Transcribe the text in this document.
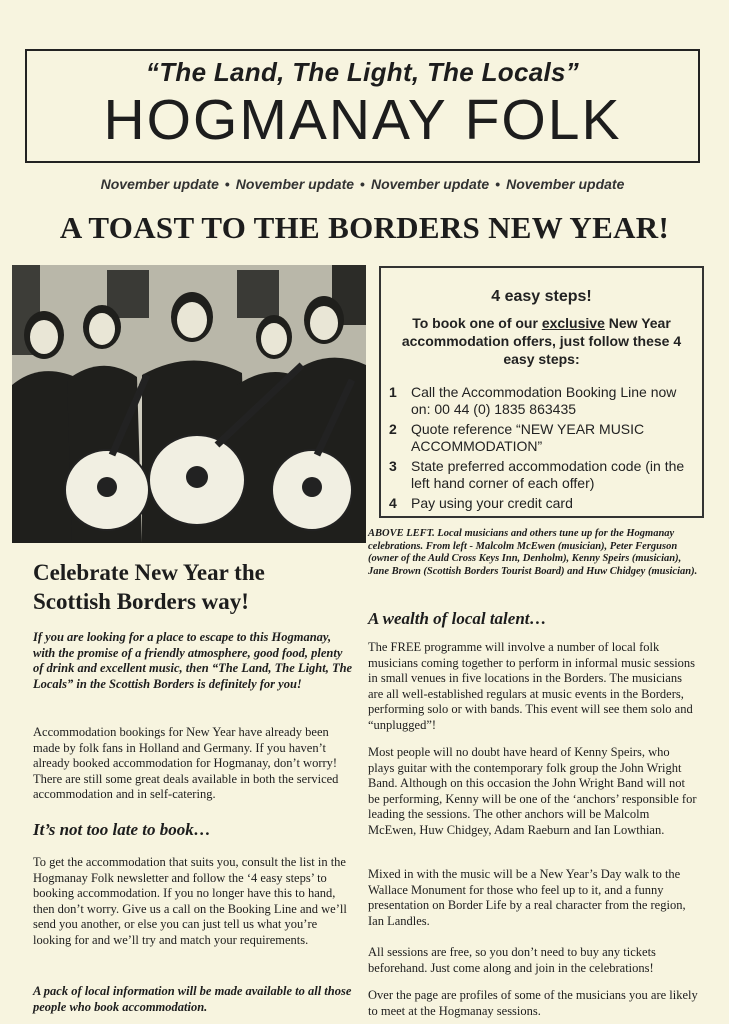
“The Land, The Light, The Locals”
HOGMANAY FOLK
November update • November update • November update • November update
A TOAST TO THE BORDERS NEW YEAR!
4 easy steps!
To book one of our exclusive New Year accommodation offers, just follow these 4 easy steps:
1	Call the Accommodation Booking Line now on: 00 44 (0) 1835 863435
2	Quote reference “NEW YEAR MUSIC ACCOMMODATION”
3	State preferred accommodation code (in the left hand corner of each offer)
4	Pay using your credit card
ABOVE LEFT. Local musicians and others tune up for the Hogmanay celebrations. From left - Malcolm McEwen (musician), Peter Ferguson (owner of the Auld Cross Keys Inn, Denholm), Kenny Speirs (musician), Jane Brown (Scottish Borders Tourist Board) and Huw Chidgey (musician).
Celebrate New Year the Scottish Borders way!
If you are looking for a place to escape to this Hogmanay, with the promise of a friendly atmosphere, good food, plenty of drink and excellent music, then “The Land, The Light, The Locals” in the Scottish Borders is definitely for you!
Accommodation bookings for New Year have already been made by folk fans in Holland and Germany. If you haven’t already booked accommodation for Hogmanay, don’t worry! There are still some great deals available in both the serviced accommodation and in self-catering.
It’s not too late to book…
To get the accommodation that suits you, consult the list in the Hogmanay Folk newsletter and follow the ‘4 easy steps’ to booking accommodation. If you no longer have this to hand, then don’t worry. Give us a call on the Booking Line and we’ll send you another, or else you can just tell us what you’re looking for and we’ll try and match your requirements.
A pack of local information will be made available to all those people who book accommodation.
A wealth of local talent…
The FREE programme will involve a number of local folk musicians coming together to perform in informal music sessions in small venues in five locations in the Borders. The musicians are all well-established regulars at music events in the Borders, performing solo or with bands. This event will see them solo and “unplugged”!
Most people will no doubt have heard of Kenny Speirs, who plays guitar with the contemporary folk group the John Wright Band. Although on this occasion the John Wright Band will not be performing, Kenny will be one of the ‘anchors’ responsible for leading the sessions. The other anchors will be Malcolm McEwen, Huw Chidgey, Adam Raeburn and Ian Lowthian.
Mixed in with the music will be a New Year’s Day walk to the Wallace Monument for those who feel up to it, and a funny presentation on Border Life by a real character from the region, Ian Landles.
All sessions are free, so you don’t need to buy any tickets beforehand. Just come along and join in the celebrations!
Over the page are profiles of some of the musicians you are likely to meet at the Hogmanay sessions.
